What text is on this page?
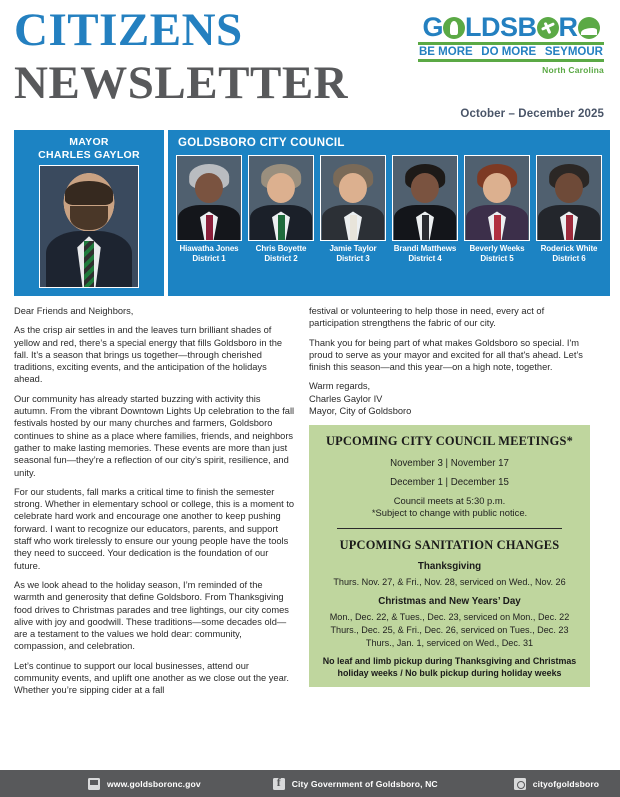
CITIZENS
NEWSLETTER
G LDSB R
BE MORE DO MORE SEYMOUR
North Carolina
October – December 2025
MAYOR
CHARLES GAYLOR
GOLDSBORO CITY COUNCIL
Hiawatha Jones
District 1
Chris Boyette
District 2
Jamie Taylor
District 3
Brandi Matthews
District 4
Beverly Weeks
District 5
Roderick White
District 6

Dear Friends and Neighbors,

As the crisp air settles in and the leaves turn brilliant shades of yellow and red, there’s a special energy that fills Goldsboro in the fall. It’s a season that brings us together—through cherished traditions, exciting events, and the anticipation of the holidays ahead.

Our community has already started buzzing with activity this autumn. From the vibrant Downtown Lights Up celebration to the fall festivals hosted by our many churches and farmers, Goldsboro continues to shine as a place where families, friends, and neighbors gather to make lasting memories. These events are more than just seasonal fun—they’re a reflection of our city’s spirit, resilience, and unity.

For our students, fall marks a critical time to finish the semester strong. Whether in elementary school or college, this is a moment to celebrate hard work and encourage one another to keep pushing forward. I want to recognize our educators, parents, and support staff who work tirelessly to ensure our young people have the tools they need to succeed. Your dedication is the foundation of our future.

As we look ahead to the holiday season, I’m reminded of the warmth and generosity that define Goldsboro. From Thanksgiving food drives to Christmas parades and tree lightings, our city comes alive with joy and goodwill. These traditions—some decades old—are a testament to the values we hold dear: community, compassion, and celebration.

Let’s continue to support our local businesses, attend our community events, and uplift one another as we close out the year. Whether you’re sipping cider at a fall

festival or volunteering to help those in need, every act of participation strengthens the fabric of our city.

Thank you for being part of what makes Goldsboro so special. I'm proud to serve as your mayor and excited for all that's ahead. Let’s finish this season—and this year—on a high note, together.

Warm regards,
Charles Gaylor IV
Mayor, City of Goldsboro
UPCOMING CITY COUNCIL MEETINGS*
November 3 | November 17
December 1 | December 15
Council meets at 5:30 p.m.
*Subject to change with public notice.
UPCOMING SANITATION CHANGES
Thanksgiving
Thurs. Nov. 27, & Fri., Nov. 28, serviced on Wed., Nov. 26
Christmas and New Years’ Day
Mon., Dec. 22, & Tues., Dec. 23, serviced on Mon., Dec. 22
Thurs., Dec. 25, & Fri., Dec. 26, serviced on Tues., Dec. 23
Thurs., Jan. 1, serviced on Wed., Dec. 31
No leaf and limb pickup during Thanksgiving and Christmas
holiday weeks / No bulk pickup during holiday weeks
www.goldsboronc.gov f	City Government of Goldsboro, NC	cityofgoldsboro
